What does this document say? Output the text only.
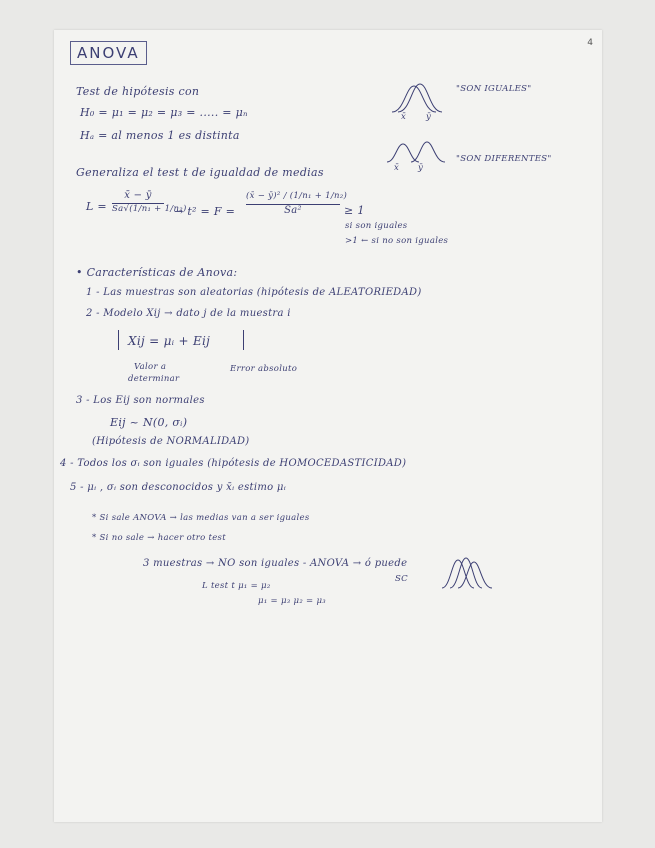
4
ANOVA
Test de hipótesis con
H₀ = μ₁ = μ₂ = μ₃ = ..... = μₙ
Hₐ = al menos 1 es distinta
x̄ ȳ
"SON IGUALES"
x̄ ȳ
"SON DIFERENTES"
Generaliza el test t de igualdad de medias
$L = \frac{x̄ - ȳ}{\text{Sa√(1/n₁ + 1/n₂)}} \to t^2 = F$ =
(x̄ − ȳ)² / (1/n₁ + 1/n₂)
Sa²	≥ 1
si son iguales
>1 ← si no son iguales
• Características de Anova:
1 - Las muestras son aleatorias (hipótesis de ALEATORIEDAD)
2 - Modelo Xij → dato j de la muestra i
Xij = μᵢ + Eij
Valor a
determinar
Error absoluto
3 - Los Eij son normales
Eij ~ N(0, σᵢ)
(Hipótesis de NORMALIDAD)
4 - Todos los σᵢ son iguales (hipótesis de HOMOCEDASTICIDAD)
5 - μᵢ , σᵢ son desconocidos y x̄ᵢ estimo μᵢ
* Si sale ANOVA → las medias van a ser iguales
* Si no sale → hacer otro test
3 muestras → NO son iguales - ANOVA → ó puede
SC
L test t μ₁ = μ₂
μ₁ = μ₃ μ₂ = μ₃
